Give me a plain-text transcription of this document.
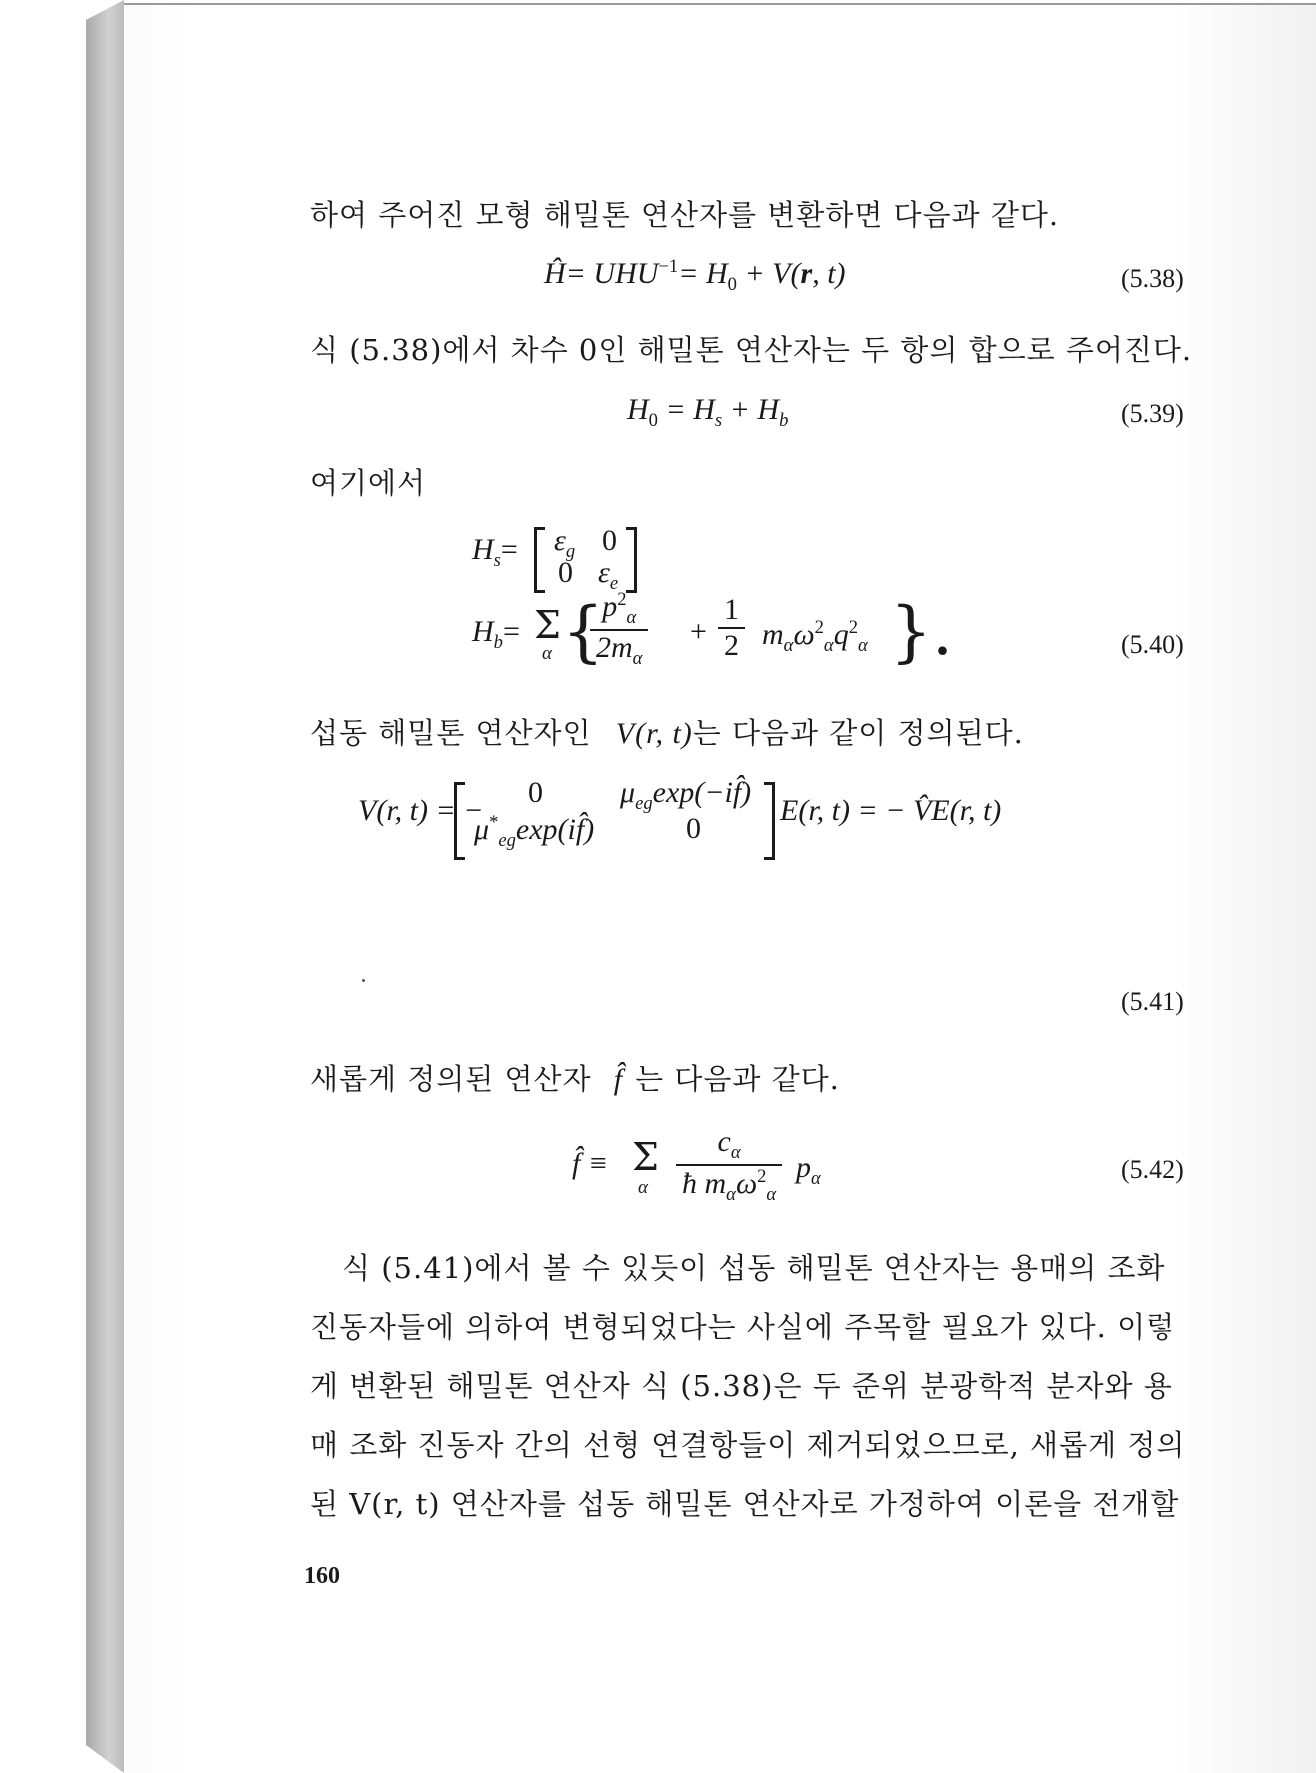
하여 주어진 모형 해밀톤 연산자를 변환하면 다음과 같다.
Ĥ= $UHU^{-1}= H_0 + V(r$, t)	(5.38)
식 (5.38)에서 차수 0인 해밀톤 연산자는 두 항의 합으로 주어진다.
$H_0 = H_s + H_b$	(5.39)
여기에서
$H_s= \varepsilon_g$ 0
0 $\varepsilon_e$
$H_b= \Sigma$
α {
$\frac{p^2_\alpha}{2m_\alpha} + \frac{1}{2} m_\alpha\omega^2_\alpha q^2_\alpha$ }.	(5.40)
섭동 해밀톤 연산자인 V(r, t)는 다음과 같이 정의된다.
V(r, t) = −
0	$\mu_{eg}\exp(-if̂)$
$\mu^*_{eg}\exp(if̂)$	0
E(r, t) = − V̂E(r, t)
(5.41)
새롭게 정의된 연산자 f̂ 는 다음과 같다.
f̂ ≡ Σ
α $\frac{c_\alpha}{ħ m_\alpha\omega^2_\alpha} p_\alpha$	(5.42)
식 (5.41)에서 볼 수 있듯이 섭동 해밀톤 연산자는 용매의 조화
진동자들에 의하여 변형되었다는 사실에 주목할 필요가 있다. 이렇
게 변환된 해밀톤 연산자 식 (5.38)은 두 준위 분광학적 분자와 용
매 조화 진동자 간의 선형 연결항들이 제거되었으므로, 새롭게 정의
된 V(r, t) 연산자를 섭동 해밀톤 연산자로 가정하여 이론을 전개할
160
